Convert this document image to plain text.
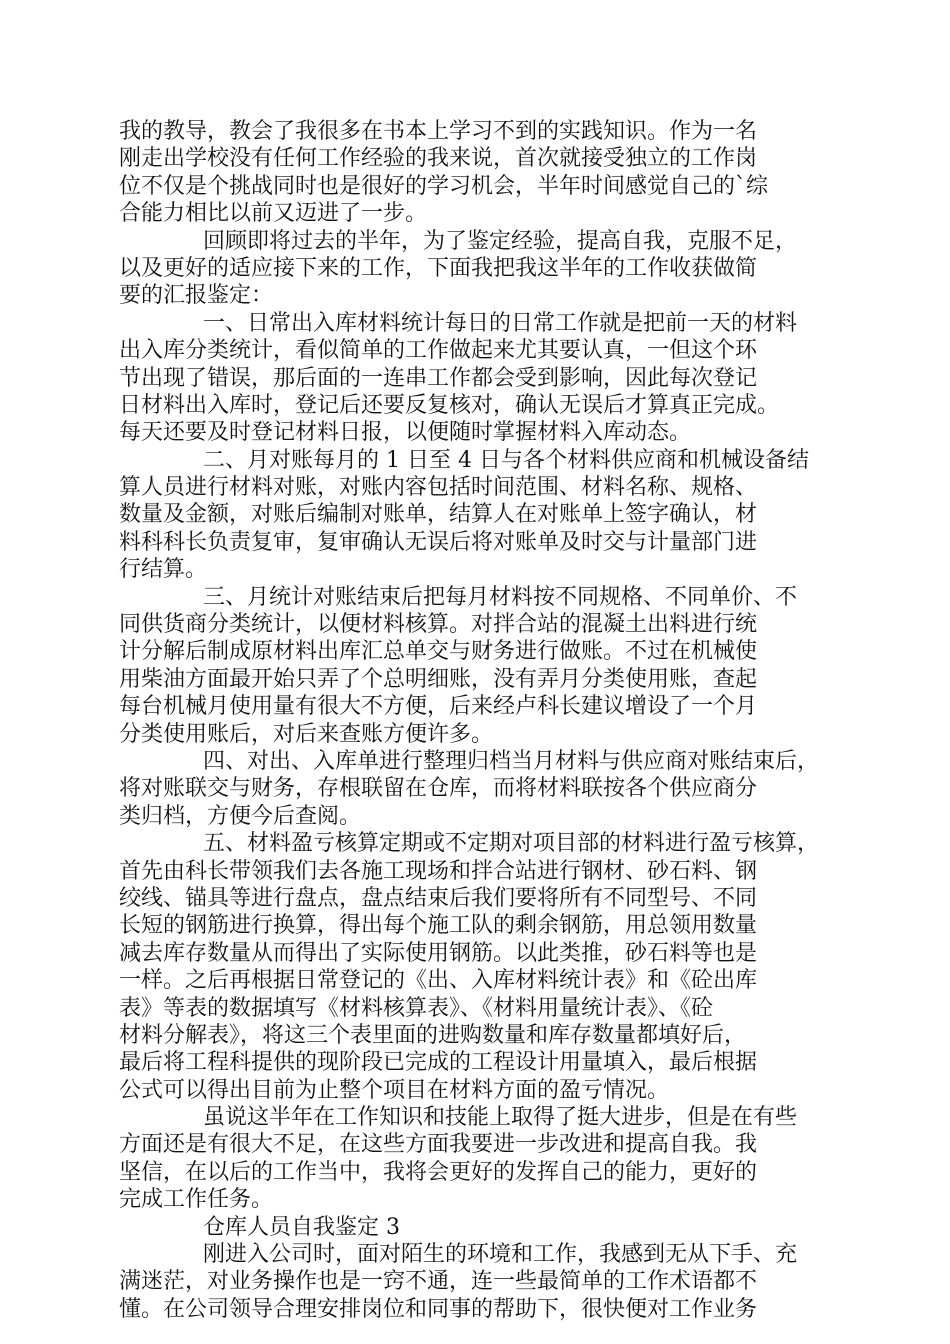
我的教导，教会了我很多在书本上学习不到的实践知识。作为一名
刚走出学校没有任何工作经验的我来说，首次就接受独立的工作岗
位不仅是个挑战同时也是很好的学习机会，半年时间感觉自己的`综
合能力相比以前又迈进了一步。
回顾即将过去的半年，为了鉴定经验，提高自我，克服不足，
以及更好的适应接下来的工作，下面我把我这半年的工作收获做简
要的汇报鉴定：
一、日常出入库材料统计每日的日常工作就是把前一天的材料
出入库分类统计，看似简单的工作做起来尤其要认真，一但这个环
节出现了错误，那后面的一连串工作都会受到影响，因此每次登记
日材料出入库时，登记后还要反复核对，确认无误后才算真正完成。
每天还要及时登记材料日报，以便随时掌握材料入库动态。
二、月对账每月的 1 日至 4 日与各个材料供应商和机械设备结
算人员进行材料对账，对账内容包括时间范围、材料名称、规格、
数量及金额，对账后编制对账单，结算人在对账单上签字确认，材
料科科长负责复审，复审确认无误后将对账单及时交与计量部门进
行结算。
三、月统计对账结束后把每月材料按不同规格、不同单价、不
同供货商分类统计，以便材料核算。对拌合站的混凝土出料进行统
计分解后制成原材料出库汇总单交与财务进行做账。不过在机械使
用柴油方面最开始只弄了个总明细账，没有弄月分类使用账，查起
每台机械月使用量有很大不方便，后来经卢科长建议增设了一个月
分类使用账后，对后来查账方便许多。
四、对出、入库单进行整理归档当月材料与供应商对账结束后，
将对账联交与财务，存根联留在仓库，而将材料联按各个供应商分
类归档，方便今后查阅。
五、材料盈亏核算定期或不定期对项目部的材料进行盈亏核算，
首先由科长带领我们去各施工现场和拌合站进行钢材、砂石料、钢
绞线、锚具等进行盘点，盘点结束后我们要将所有不同型号、不同
长短的钢筋进行换算，得出每个施工队的剩余钢筋，用总领用数量
减去库存数量从而得出了实际使用钢筋。以此类推，砂石料等也是
一样。之后再根据日常登记的《出、入库材料统计表》和《砼出库
表》等表的数据填写《材料核算表》、《材料用量统计表》、《砼
材料分解表》，将这三个表里面的进购数量和库存数量都填好后，
最后将工程科提供的现阶段已完成的工程设计用量填入，最后根据
公式可以得出目前为止整个项目在材料方面的盈亏情况。
虽说这半年在工作知识和技能上取得了挺大进步，但是在有些
方面还是有很大不足，在这些方面我要进一步改进和提高自我。我
坚信，在以后的工作当中，我将会更好的发挥自己的能力，更好的
完成工作任务。
仓库人员自我鉴定 3
刚进入公司时，面对陌生的环境和工作，我感到无从下手、充
满迷茫，对业务操作也是一窍不通，连一些最简单的工作术语都不
懂。在公司领导合理安排岗位和同事的帮助下，很快便对工作业务
